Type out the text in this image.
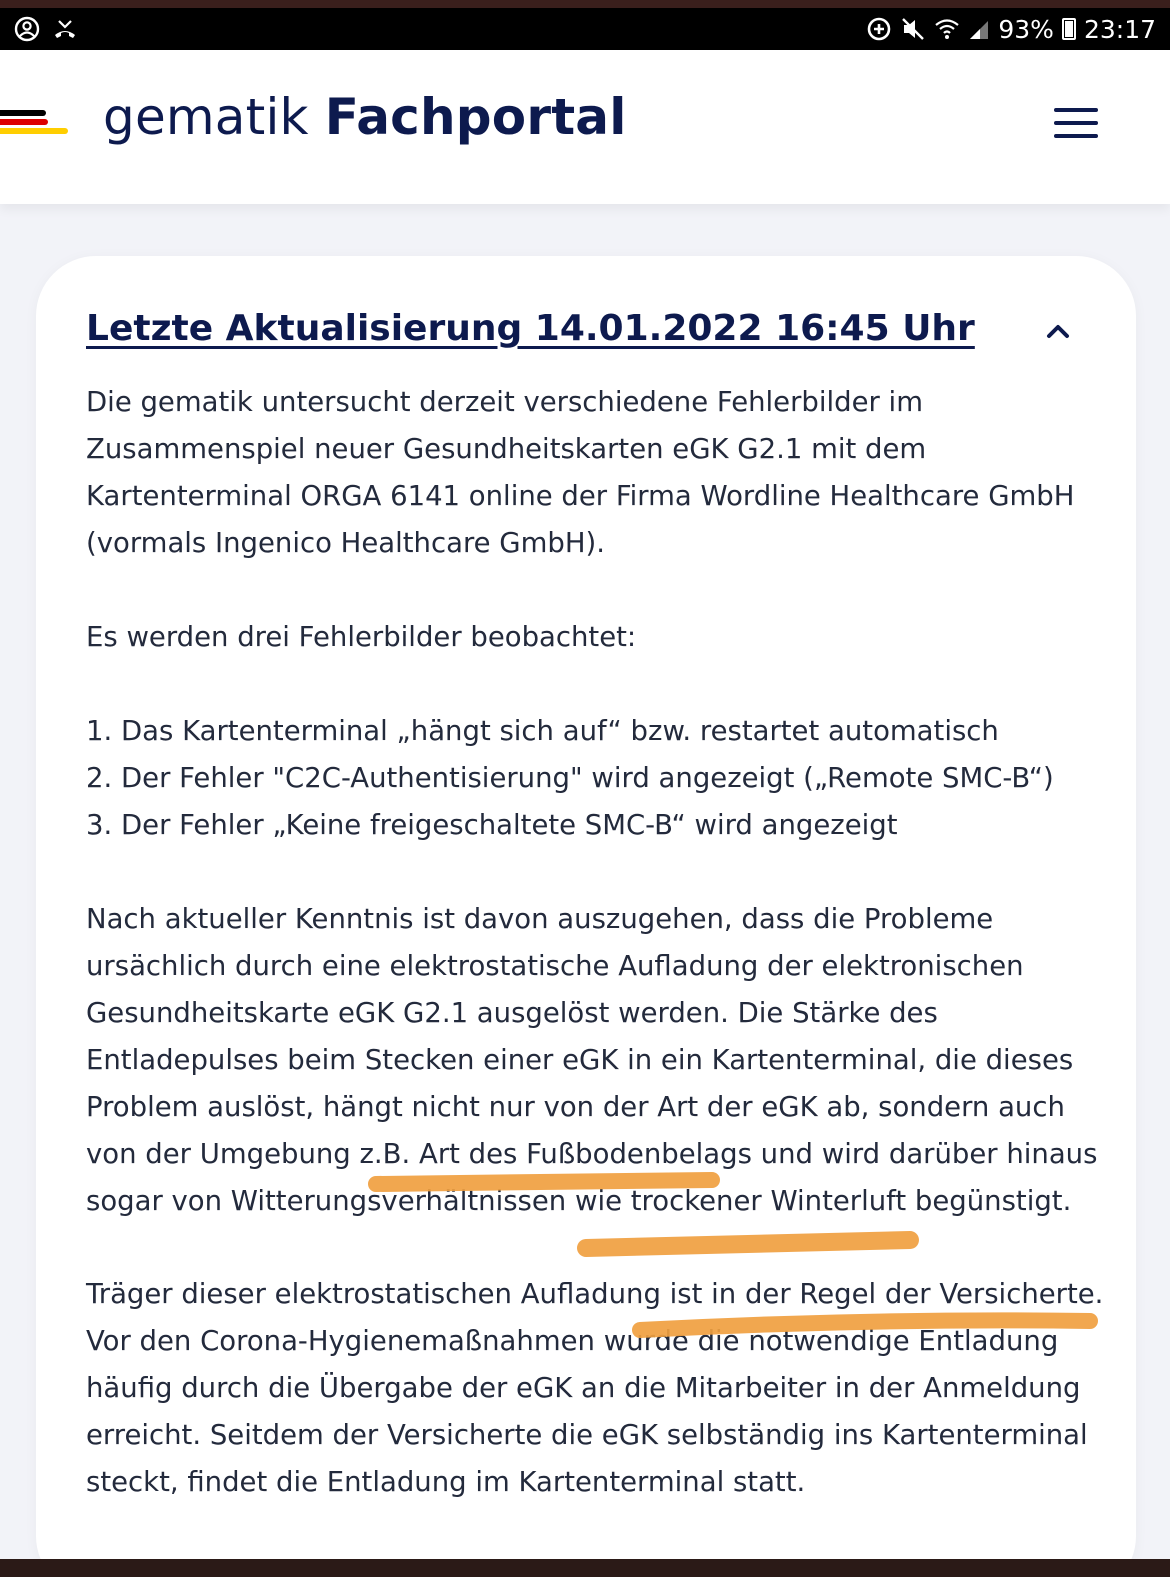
93% 23:17
gematik Fachportal
Letzte Aktualisierung 14.01.2022 16:45 Uhr
Die gematik untersucht derzeit verschiedene Fehlerbilder im
Zusammenspiel neuer Gesundheitskarten eGK G2.1 mit dem
Kartenterminal ORGA 6141 online der Firma Wordline Healthcare GmbH
(vormals Ingenico Healthcare GmbH).
Es werden drei Fehlerbilder beobachtet:
1. Das Kartenterminal „hängt sich auf“ bzw. restartet automatisch
2. Der Fehler "C2C-Authentisierung" wird angezeigt („Remote SMC-B“)
3. Der Fehler „Keine freigeschaltete SMC-B“ wird angezeigt
Nach aktueller Kenntnis ist davon auszugehen, dass die Probleme
ursächlich durch eine elektrostatische Aufladung der elektronischen
Gesundheitskarte eGK G2.1 ausgelöst werden. Die Stärke des
Entladepulses beim Stecken einer eGK in ein Kartenterminal, die dieses
Problem auslöst, hängt nicht nur von der Art der eGK ab, sondern auch
von der Umgebung z.B. Art des Fußbodenbelags und wird darüber hinaus
sogar von Witterungsverhältnissen wie trockener Winterluft begünstigt.
Träger dieser elektrostatischen Aufladung ist in der Regel der Versicherte.
Vor den Corona-Hygienemaßnahmen wurde die notwendige Entladung
häufig durch die Übergabe der eGK an die Mitarbeiter in der Anmeldung
erreicht. Seitdem der Versicherte die eGK selbständig ins Kartenterminal
steckt, findet die Entladung im Kartenterminal statt.
